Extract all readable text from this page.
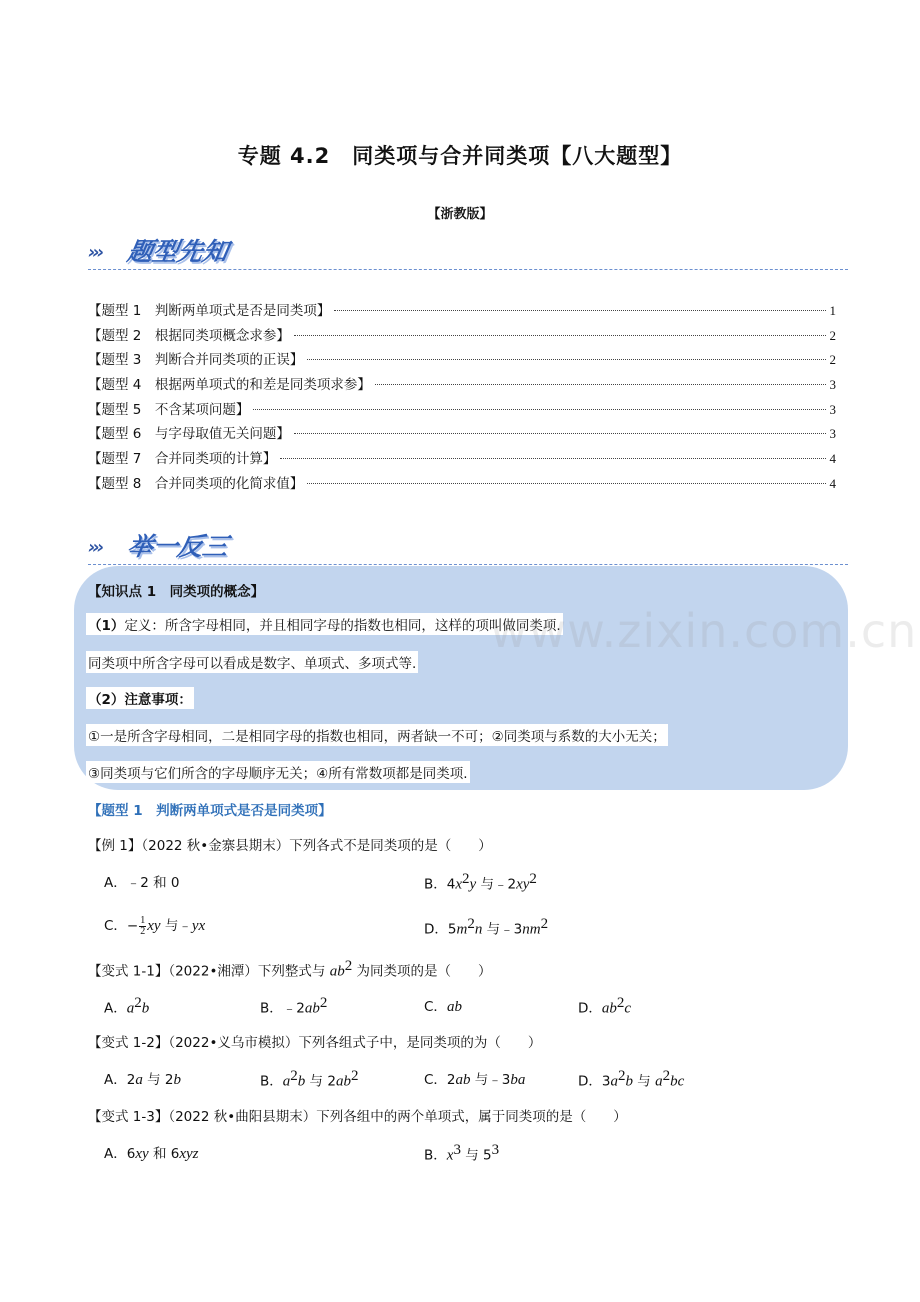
专题 4.2　同类项与合并同类项【八大题型】
【浙教版】
››› 题型先知
【题型 1　判断两单项式是否是同类项】	1
【题型 2　根据同类项概念求参】	2
【题型 3　判断合并同类项的正误】	2
【题型 4　根据两单项式的和差是同类项求参】	3
【题型 5　不含某项问题】	3
【题型 6　与字母取值无关问题】	3
【题型 7　合并同类项的计算】	4
【题型 8　合并同类项的化简求值】	4
››› 举一反三
【知识点 1　同类项的概念】
（1）定义：所含字母相同，并且相同字母的指数也相同，这样的项叫做同类项.
同类项中所含字母可以看成是数字、单项式、多项式等.
（2）注意事项：
①一是所含字母相同，二是相同字母的指数也相同，两者缺一不可；②同类项与系数的大小无关；
③同类项与它们所含的字母顺序无关；④所有常数项都是同类项.
www.zixin.com.cn
【题型 1　判断两单项式是否是同类项】
【例 1】（2022 秋•金寨县期末）下列各式不是同类项的是（　　）
A．﹣2 和 0	B．$4x^2y$ 与$﹣2xy^2$
C．− $\frac{1}{2}$ xy 与﹣yx	D．$5m^2n$ 与$﹣3nm^2$
【变式 1-1】（2022•湘潭）下列整式与 $ab^2$ 为同类项的是（　　）
A．$a^2b$	B．$﹣2ab^2$	C．ab	D．$ab^2c$
【变式 1-2】（2022•义乌市模拟）下列各组式子中，是同类项的为（　　）
A．2a 与 2b	B．$a^2b$ 与 $2ab^2$	C．2ab 与﹣3ba	D．$3a^2b$ 与 $a^2bc$
【变式 1-3】（2022 秋•曲阳县期末）下列各组中的两个单项式，属于同类项的是（　　）
A．6xy 和 6xyz	B．$x^3$ 与 $5^3$
